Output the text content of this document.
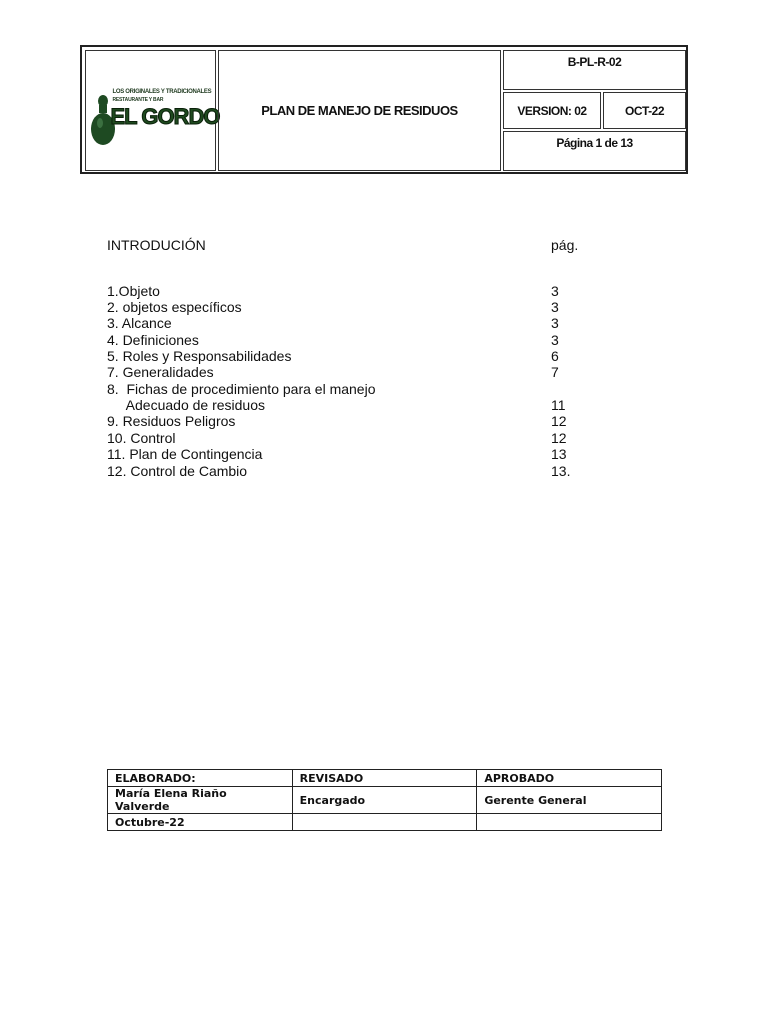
LOS ORIGINALES Y TRADICIONALES
RESTAURANTE Y BAR
EL GORDO	PLAN DE MANEJO DE RESIDUOS
B-PL-R-02
VERSION: 02	OCT-22
Página 1 de 13
INTRODUCIÓN	pág.
1.Objeto	3
2. objetos específicos	3
3. Alcance	3
4. Definiciones	3
5. Roles y Responsabilidades	6
7. Generalidades	7
8.  Fichas de procedimiento para el manejo
Adecuado de residuos	11
9. Residuos Peligros	12
10. Control	12
11. Plan de Contingencia	13
12. Control de Cambio	13.
ELABORADO:	REVISADO	APROBADO
María Elena Riaño Valverde	Encargado	Gerente General
Octubre-22		
